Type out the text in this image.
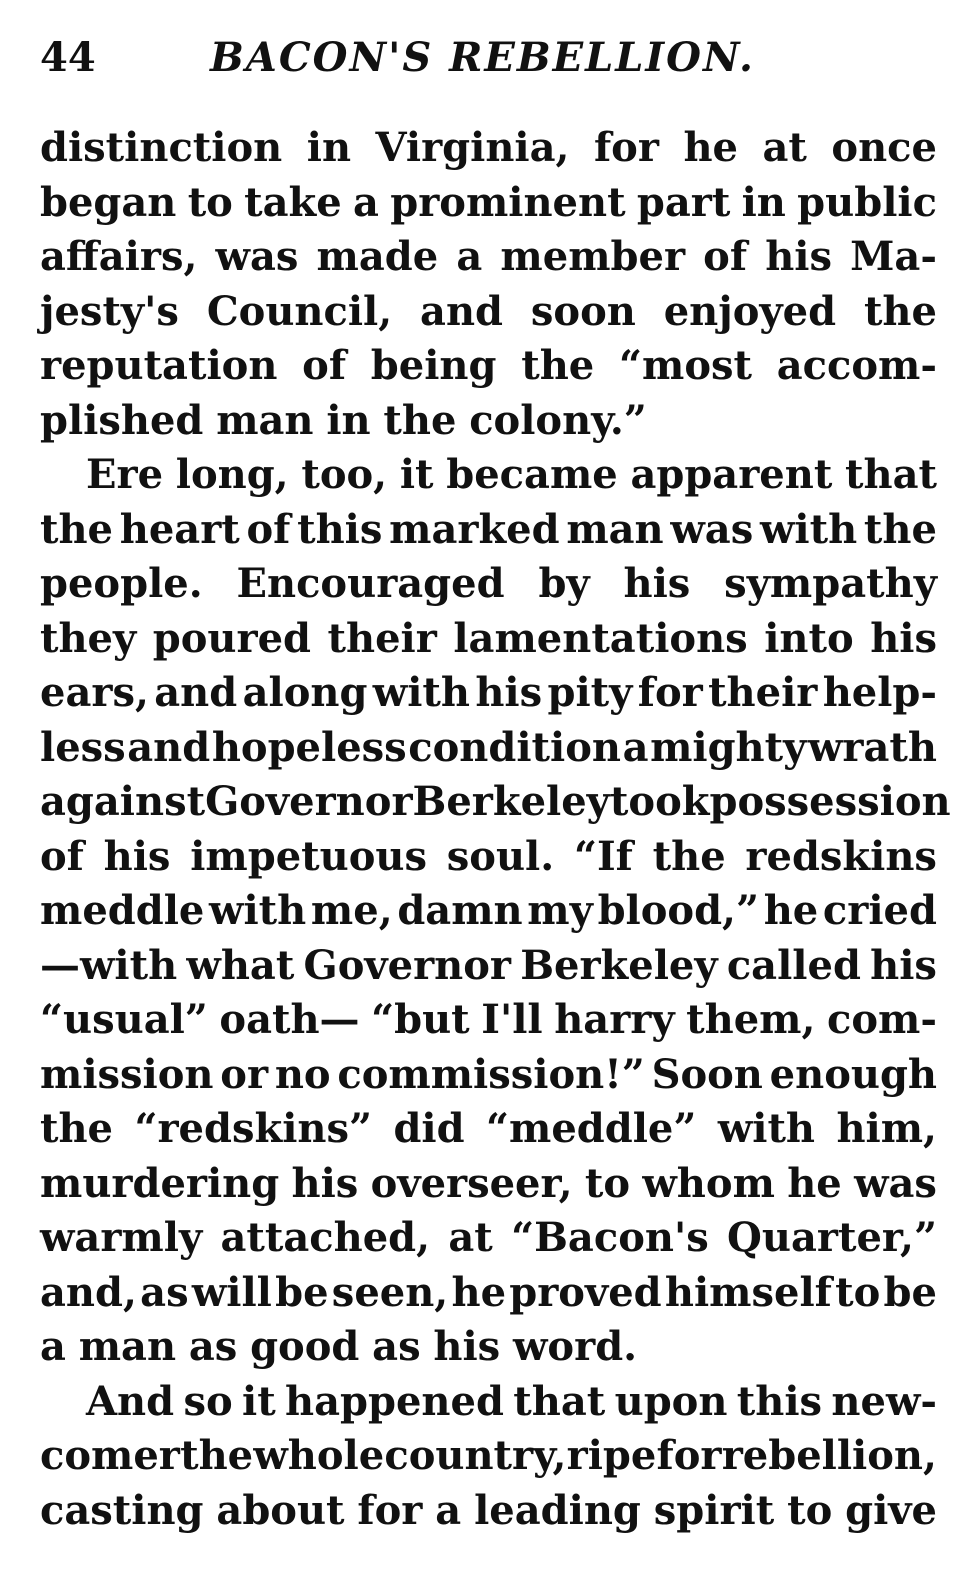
44	BACON'S REBELLION.
distinction in Virginia, for he at once
began to take a prominent part in public
affairs, was made a member of his Ma-
jesty's Council, and soon enjoyed the
reputation of being the “most accom-
plished man in the colony.”
Ere long, too, it became apparent that
the heart of this marked man was with the
people. Encouraged by his sympathy
they poured their lamentations into his
ears, and along with his pity for their help-
less and hopeless condition a mighty wrath
against Governor Berkeley took possession
of his impetuous soul. “If the redskins
meddle with me, damn my blood,” he cried
—with what Governor Berkeley called his
“usual” oath— “but I'll harry them, com-
mission or no commission!” Soon enough
the “redskins” did “meddle” with him,
murdering his overseer, to whom he was
warmly attached, at “Bacon's Quarter,”
and, as will be seen, he proved himself to be
a man as good as his word.
And so it happened that upon this new-
comer the whole country, ripe for rebellion,
casting about for a leading spirit to give
